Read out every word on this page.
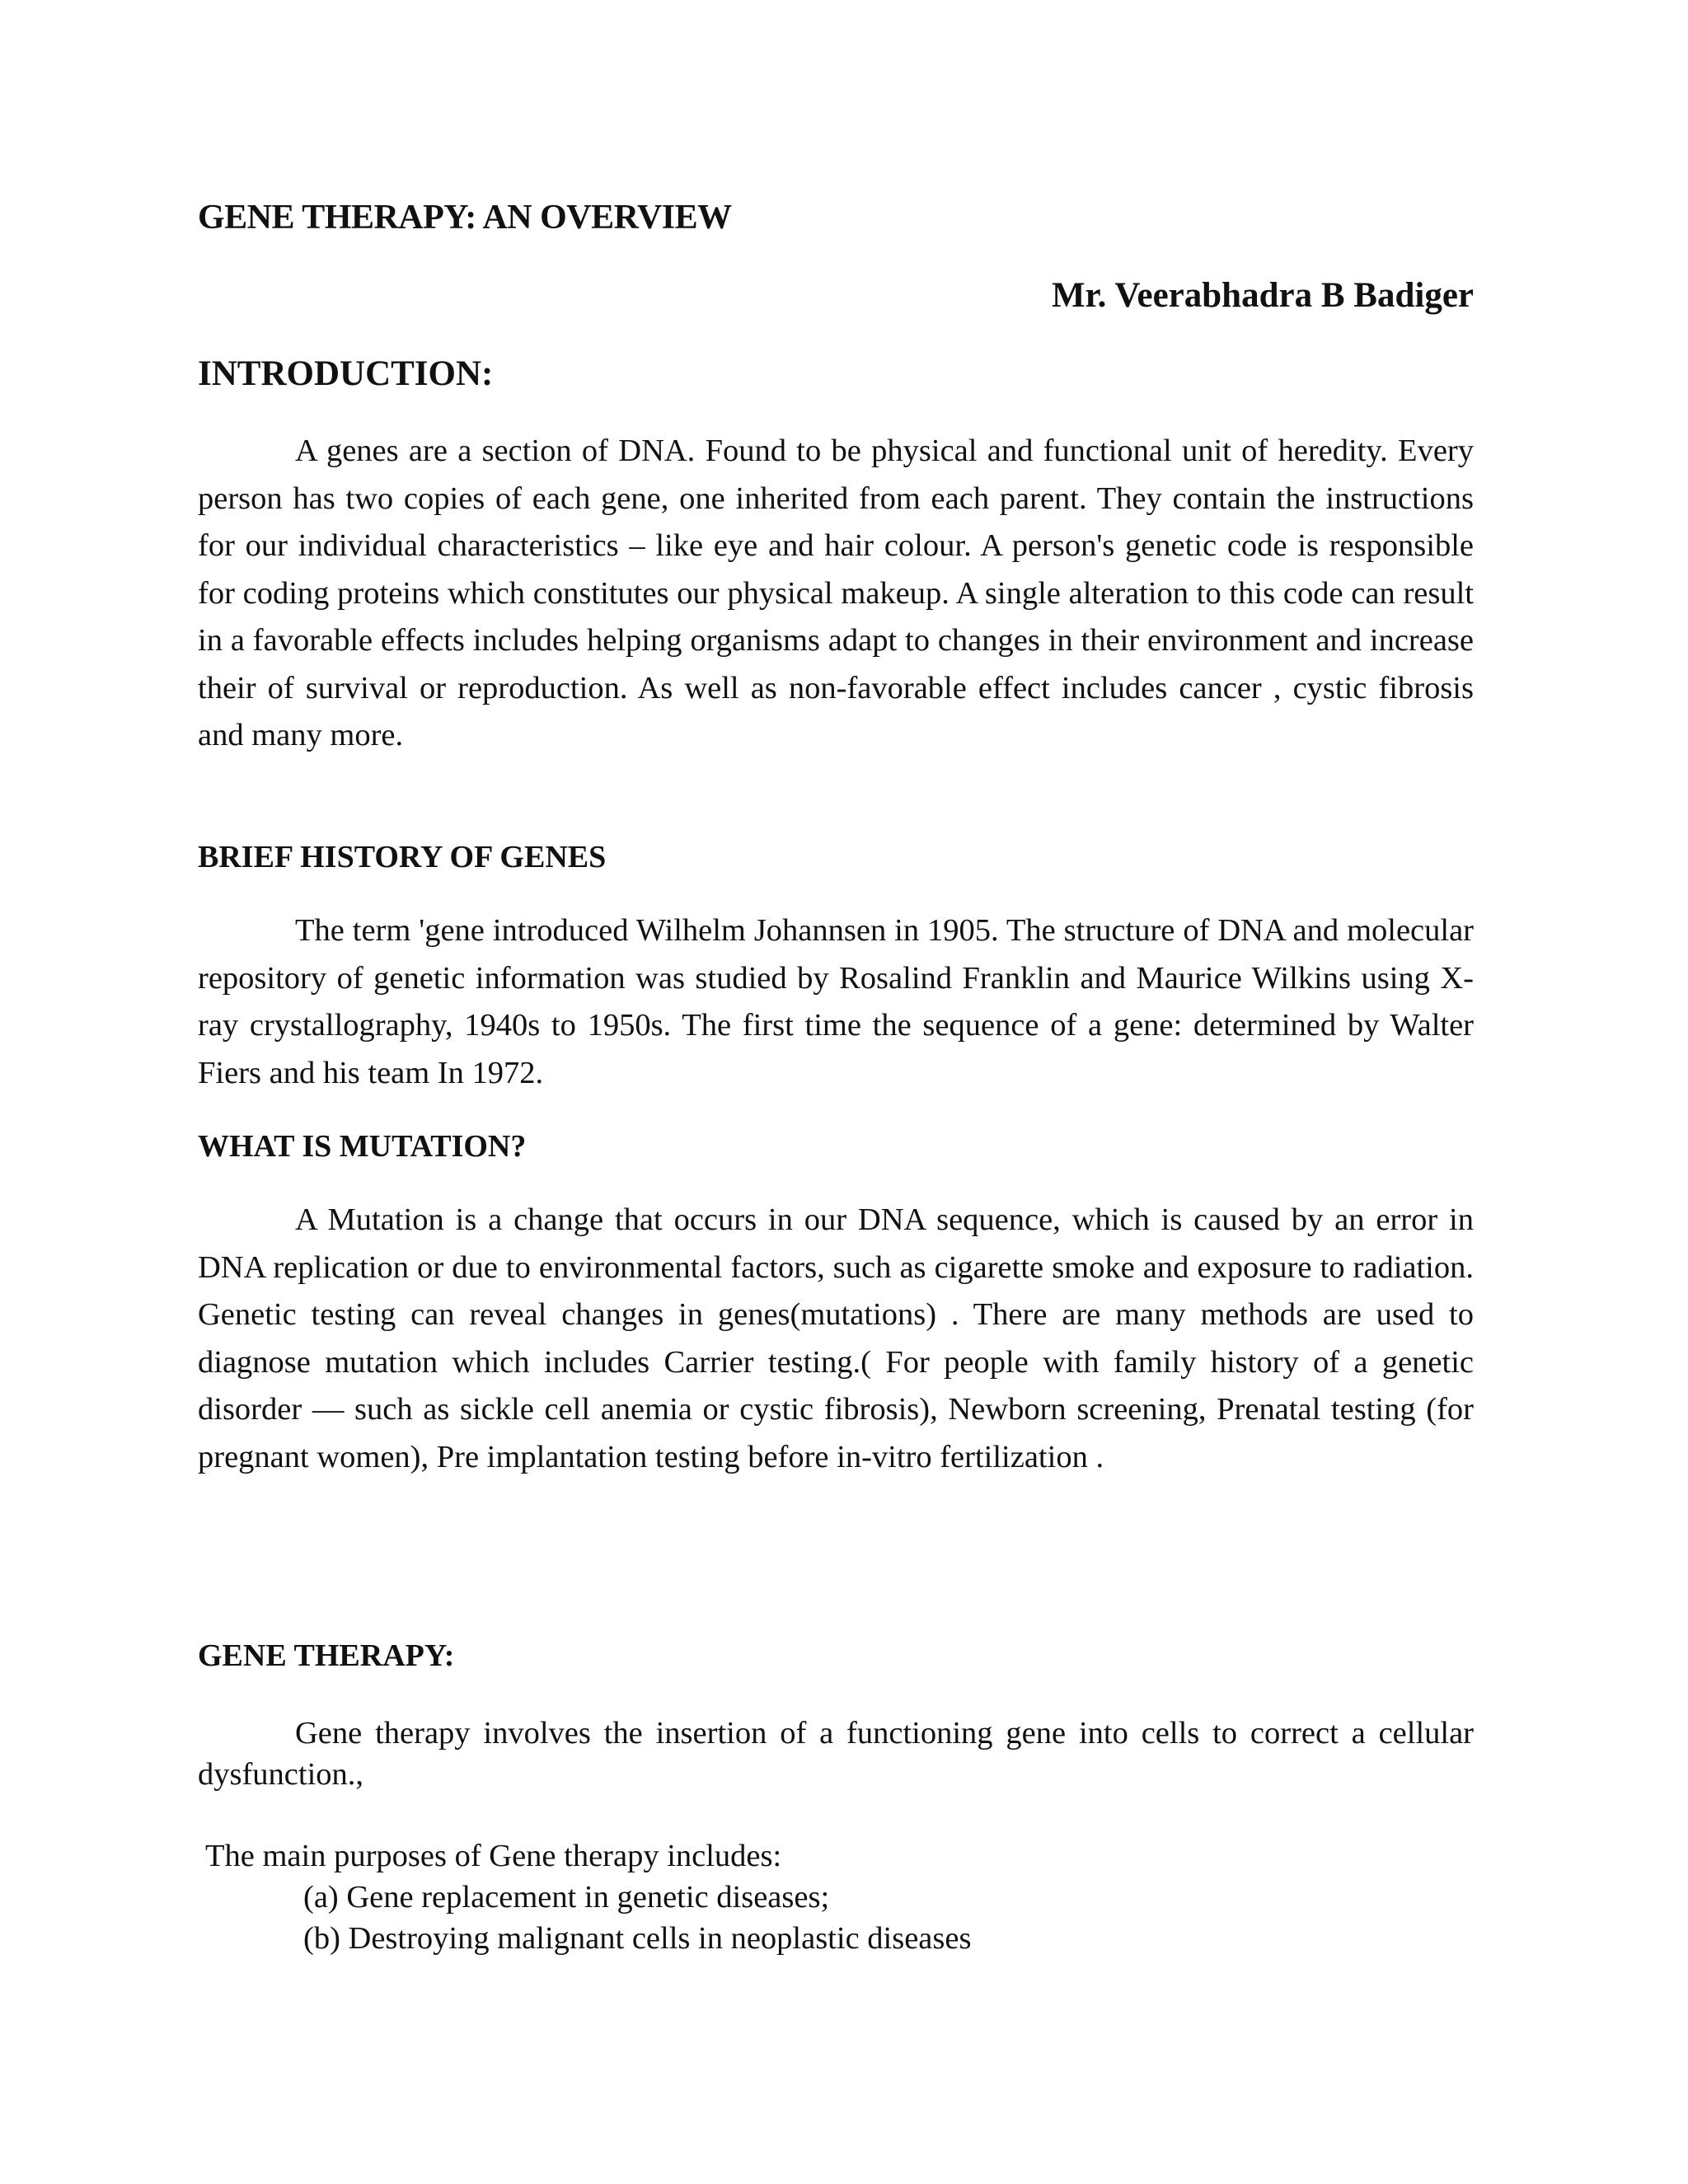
GENE THERAPY: AN OVERVIEW
Mr. Veerabhadra B Badiger
INTRODUCTION:

A genes are a section of DNA. Found to be physical and functional unit of heredity. Every person has two copies of each gene, one inherited from each parent. They contain the instructions for our individual characteristics – like eye and hair colour. A person's genetic code is responsible for coding proteins which constitutes our physical makeup. A single alteration to this code can result in a favorable effects includes helping organisms adapt to changes in their environment and increase their of survival or reproduction. As well as non-favorable effect includes cancer , cystic fibrosis and many more.

BRIEF HISTORY OF GENES

The term 'gene introduced Wilhelm Johannsen in 1905. The structure of DNA and molecular repository of genetic information was studied by Rosalind Franklin and Maurice Wilkins using X-ray crystallography, 1940s to 1950s. The first time the sequence of a gene: determined by Walter Fiers and his team In 1972.

WHAT IS MUTATION?

A Mutation is a change that occurs in our DNA sequence, which is caused by an error in DNA replication or due to environmental factors, such as cigarette smoke and exposure to radiation. Genetic testing can reveal changes in genes(mutations) . There are many methods are used to diagnose mutation which includes Carrier testing.( For people with family history of a genetic disorder — such as sickle cell anemia or cystic fibrosis), Newborn screening, Prenatal testing (for pregnant women), Pre implantation testing before in-vitro fertilization .

GENE THERAPY:

Gene therapy involves the insertion of a functioning gene into cells to correct a cellular dysfunction.,

The main purposes of Gene therapy includes:

(a) Gene replacement in genetic diseases;
(b) Destroying malignant cells in neoplastic diseases
